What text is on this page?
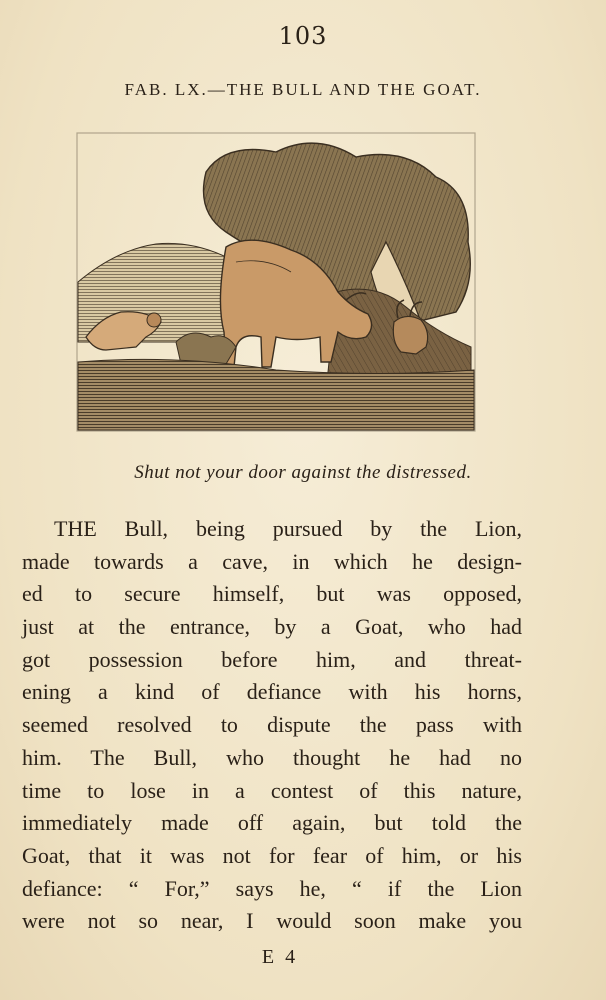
103
FAB. LX.—THE BULL AND THE GOAT.
Shut not your door against the distressed.
THE Bull, being pursued by the Lion,
made towards a cave, in which he design-
ed to secure himself, but was opposed,
just at the entrance, by a Goat, who had
got possession before him, and threat-
ening a kind of defiance with his horns,
seemed resolved to dispute the pass with
him. The Bull, who thought he had no
time to lose in a contest of this nature,
immediately made off again, but told the
Goat, that it was not for fear of him, or his
defiance: “ For,” says he, “ if the Lion
were not so near, I would soon make you
E 4
